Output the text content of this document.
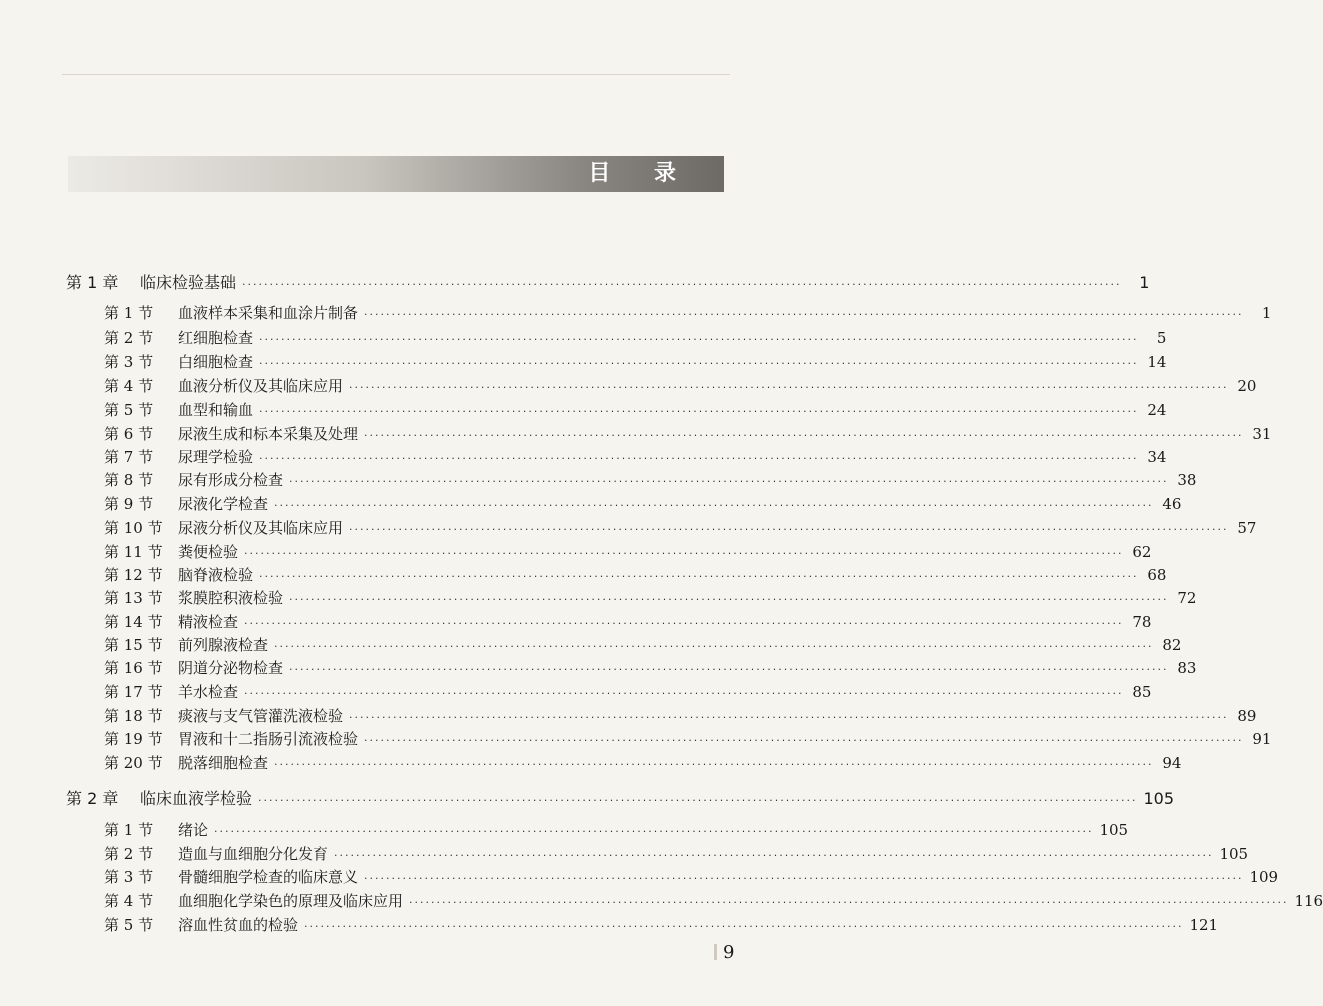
目 录
第 1 章	临床检验基础 ································································································································································	1
第 1 节	血液样本采集和血涂片制备 ································································································································································	1
第 2 节	红细胞检查 ································································································································································	5
第 3 节	白细胞检查 ································································································································································ 14
第 4 节	血液分析仪及其临床应用 ································································································································································ 20
第 5 节	血型和输血 ································································································································································ 24
第 6 节	尿液生成和标本采集及处理 ································································································································································ 31
第 7 节	尿理学检验 ································································································································································ 34
第 8 节	尿有形成分检查 ································································································································································ 38
第 9 节	尿液化学检查 ································································································································································ 46
第 10 节	尿液分析仪及其临床应用 ································································································································································ 57
第 11 节	粪便检验 ································································································································································ 62
第 12 节	脑脊液检验 ································································································································································ 68
第 13 节	浆膜腔积液检验 ································································································································································ 72
第 14 节	精液检查 ································································································································································ 78
第 15 节	前列腺液检查 ································································································································································ 82
第 16 节	阴道分泌物检查 ································································································································································ 83
第 17 节	羊水检查 ································································································································································ 85
第 18 节	痰液与支气管灌洗液检验 ································································································································································ 89
第 19 节	胃液和十二指肠引流液检验 ································································································································································ 91
第 20 节	脱落细胞检查 ································································································································································ 94
第 2 章	临床血液学检验 ································································································································································ 105
第 1 节	绪论 ································································································································································ 105
第 2 节	造血与血细胞分化发育 ································································································································································ 105
第 3 节	骨髓细胞学检查的临床意义 ································································································································································ 109
第 4 节	血细胞化学染色的原理及临床应用 ································································································································································ 116
第 5 节	溶血性贫血的检验 ································································································································································ 121
9
